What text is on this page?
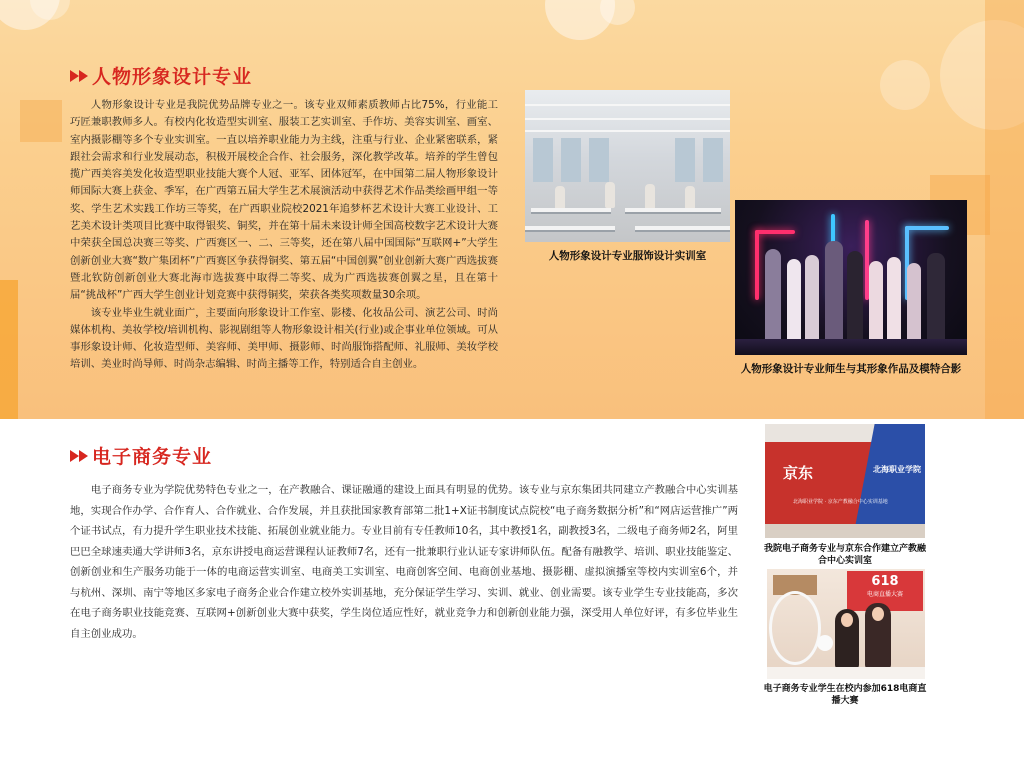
人物形象设计专业

人物形象设计专业是我院优势品牌专业之一。该专业双师素质教师占比75%，行业能工巧匠兼职教师多人。有校内化妆造型实训室、服装工艺实训室、手作坊、美容实训室、画室、室内摄影棚等多个专业实训室。一直以培养职业能力为主线，注重与行业、企业紧密联系，紧跟社会需求和行业发展动态，积极开展校企合作、社会服务，深化教学改革。培养的学生曾包揽广西美容美发化妆造型职业技能大赛个人冠、亚军、团体冠军，在中国第二届人物形象设计师国际大赛上获金、季军，在广西第五届大学生艺术展演活动中获得艺术作品类绘画甲组一等奖、学生艺术实践工作坊三等奖，在广西职业院校2021年追梦杯艺术设计大赛工业设计、工艺美术设计类项目比赛中取得银奖、铜奖，并在第十届未来设计师全国高校数字艺术设计大赛中荣获全国总决赛三等奖、广西赛区一、二、三等奖，还在第八届中国国际“互联网+”大学生创新创业大赛“数广集团杯”广西赛区争获得铜奖、第五届“中国创翼”创业创新大赛广西选拔赛暨北钦防创新创业大赛北海市选拔赛中取得二等奖、成为广西选拔赛创翼之星，且在第十届“挑战杯”广西大学生创业计划竞赛中获得铜奖，荣获各类奖项数量30余项。

该专业毕业生就业面广，主要面向形象设计工作室、影楼、化妆品公司、演艺公司、时尚媒体机构、美妆学校/培训机构、影视剧组等人物形象设计相关(行业)或企事业单位领域。可从事形象设计师、化妆造型师、美容师、美甲师、摄影师、时尚服饰搭配师、礼服师、美妆学校培训、美业时尚导师、时尚杂志编辑、时尚主播等工作，特别适合自主创业。

人物形象设计专业服饰设计实训室
人物形象设计专业师生与其形象作品及模特合影
电子商务专业

电子商务专业为学院优势特色专业之一，在产教融合、课证融通的建设上面具有明显的优势。该专业与京东集团共同建立产教融合中心实训基地，实现合作办学、合作育人、合作就业、合作发展，并且获批国家教育部第二批1+X证书制度试点院校“电子商务数据分析”和“网店运营推广”两个证书试点，有力提升学生职业技术技能、拓展创业就业能力。专业目前有专任教师10名，其中教授1名，副教授3名，二级电子商务师2名，阿里巴巴全球速卖通大学讲师3名，京东讲授电商运营课程认证教师7名，还有一批兼职行业认证专家讲师队伍。配备有融教学、培训、职业技能鉴定、创新创业和生产服务功能于一体的电商运营实训室、电商美工实训室、电商创客空间、电商创业基地、摄影棚、虚拟演播室等校内实训室6个，并与杭州、深圳、南宁等地区多家电子商务企业合作建立校外实训基地，充分保证学生学习、实训、就业、创业需要。该专业学生专业技能高，多次在电子商务职业技能竞赛、互联网+创新创业大赛中获奖，学生岗位适应性好，就业竞争力和创新创业能力强，深受用人单位好评，有多位毕业生自主创业成功。

京东	北海职业学院
北海职业学院 · 京东产教融合中心实训基地
我院电子商务专业与京东合作建立产教融合中心实训室
618
电商直播大赛
电子商务专业学生在校内参加618电商直播大赛
